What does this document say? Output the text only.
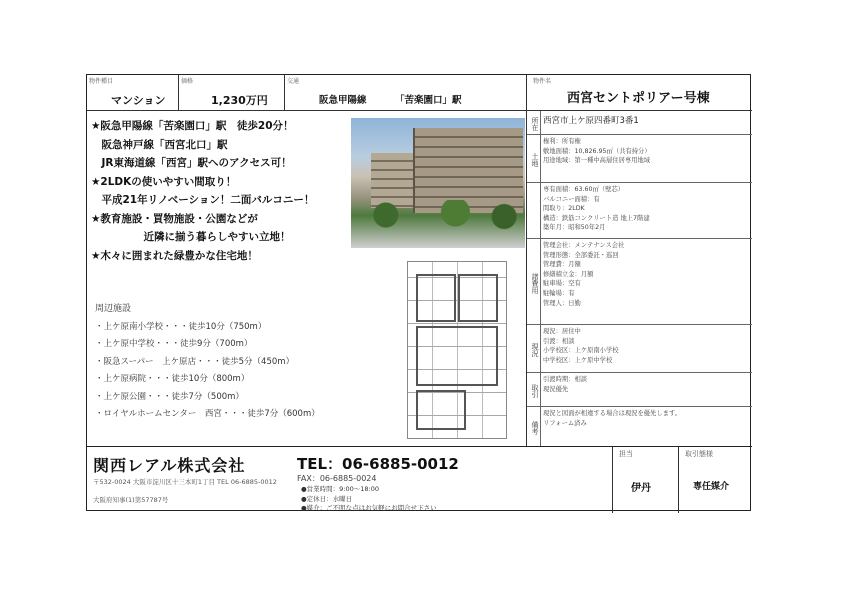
物件種目
マンション
価格
1,230万円
交通
阪急甲陽線	「苦楽園口」駅
★阪急甲陽線「苦楽園口」駅　徒歩20分！
　阪急神戸線「西宮北口」駅
　JR東海道線「西宮」駅へのアクセス可！
★2LDKの使いやすい間取り！
　平成21年リノベーション！二面バルコニー！
★教育施設・買物施設・公園などが
　　　　　近隣に揃う暮らしやすい立地！
★木々に囲まれた緑豊かな住宅地！
周辺施設
・上ケ原南小学校・・・徒歩10分（750m）
・上ケ原中学校・・・徒歩9分（700m）
・阪急スーパー　上ケ原店・・・徒歩5分（450m）
・上ケ原病院・・・徒歩10分（800m）
・上ケ原公園・・・徒歩7分（500m）
・ロイヤルホームセンター　西宮・・・徒歩7分（600m）
物件名
西宮セントポリアー号棟
所在 西宮市上ケ原四番町3番1
土地
権利：所有権
敷地面積：10,826.95㎡（共有持分）
用途地域：第一種中高層住居専用地域
専有面積：63.60㎡（壁芯）
バルコニー面積：有
間取り：2LDK
構造：鉄筋コンクリート造 地上7階建
築年月：昭和50年2月
諸費用
管理会社：メンテナンス会社
管理形態：全部委託・巡回
管理費：月額
修繕積立金：月額
駐車場：空有
駐輪場：有
管理人：日勤
現況
現況：居住中
引渡：相談
小学校区：上ケ原南小学校
中学校区：上ケ原中学校
取引
引渡時期：相談
現況優先
備考
現況と図面が相違する場合は現況を優先します。
リフォーム済み
関西レアル株式会社
〒532-0024 大阪市淀川区十三本町1丁目 TEL 06-6885-0012
大阪府知事(1)第57787号
TEL：06-6885-0012
FAX：06-6885-0024
●営業時間：9:00～18:00
●定休日：水曜日
●媒介：ご不明な点はお気軽にお問合せ下さい
担当
伊丹
取引態様
専任媒介
